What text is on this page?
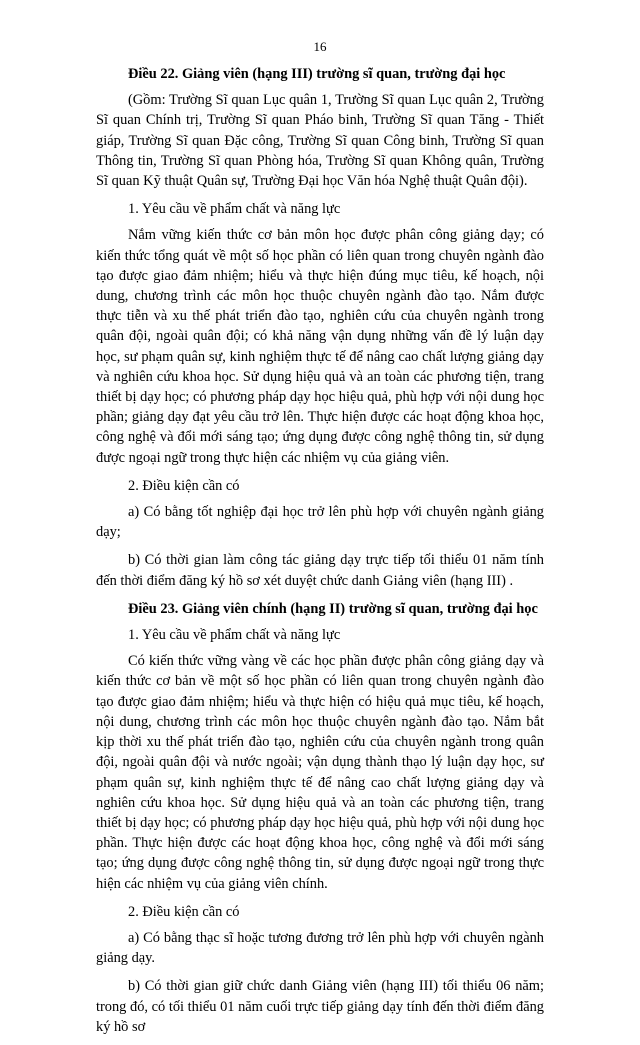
16

Điều 22. Giảng viên (hạng III) trường sĩ quan, trường đại học

(Gồm: Trường Sĩ quan Lục quân 1, Trường Sĩ quan Lục quân 2, Trường Sĩ quan Chính trị, Trường Sĩ quan Pháo binh, Trường Sĩ quan Tăng - Thiết giáp, Trường Sĩ quan Đặc công, Trường Sĩ quan Công binh, Trường Sĩ quan Thông tin, Trường Sĩ quan Phòng hóa, Trường Sĩ quan Không quân, Trường Sĩ quan Kỹ thuật Quân sự, Trường Đại học Văn hóa Nghệ thuật Quân đội).

1. Yêu cầu về phẩm chất và năng lực

Nắm vững kiến thức cơ bản môn học được phân công giảng dạy; có kiến thức tổng quát về một số học phần có liên quan trong chuyên ngành đào tạo được giao đảm nhiệm; hiểu và thực hiện đúng mục tiêu, kế hoạch, nội dung, chương trình các môn học thuộc chuyên ngành đào tạo. Nắm được thực tiễn và xu thế phát triển đào tạo, nghiên cứu của chuyên ngành trong quân đội, ngoài quân đội; có khả năng vận dụng những vấn đề lý luận dạy học, sư phạm quân sự, kinh nghiệm thực tế để nâng cao chất lượng giảng dạy và nghiên cứu khoa học. Sử dụng hiệu quả và an toàn các phương tiện, trang thiết bị dạy học; có phương pháp dạy học hiệu quả, phù hợp với nội dung học phần; giảng dạy đạt yêu cầu trở lên. Thực hiện được các hoạt động khoa học, công nghệ và đổi mới sáng tạo; ứng dụng được công nghệ thông tin, sử dụng được ngoại ngữ trong thực hiện các nhiệm vụ của giảng viên.

2. Điều kiện cần có

a) Có bằng tốt nghiệp đại học trở lên phù hợp với chuyên ngành giảng dạy;

b) Có thời gian làm công tác giảng dạy trực tiếp tối thiểu 01 năm tính đến thời điểm đăng ký hồ sơ xét duyệt chức danh Giảng viên (hạng III) .

Điều 23. Giảng viên chính (hạng II) trường sĩ quan, trường đại học

1. Yêu cầu về phẩm chất và năng lực

Có kiến thức vững vàng về các học phần được phân công giảng dạy và kiến thức cơ bản về một số học phần có liên quan trong chuyên ngành đào tạo được giao đảm nhiệm; hiểu và thực hiện có hiệu quả mục tiêu, kế hoạch, nội dung, chương trình các môn học thuộc chuyên ngành đào tạo. Nắm bắt kịp thời xu thế phát triển đào tạo, nghiên cứu của chuyên ngành trong quân đội, ngoài quân đội và nước ngoài; vận dụng thành thạo lý luận dạy học, sư phạm quân sự, kinh nghiệm thực tế để nâng cao chất lượng giảng dạy và nghiên cứu khoa học. Sử dụng hiệu quả và an toàn các phương tiện, trang thiết bị dạy học; có phương pháp dạy học hiệu quả, phù hợp với nội dung học phần. Thực hiện được các hoạt động khoa học, công nghệ và đổi mới sáng tạo; ứng dụng được công nghệ thông tin, sử dụng được ngoại ngữ trong thực hiện các nhiệm vụ của giảng viên chính.

2. Điều kiện cần có

a) Có bằng thạc sĩ hoặc tương đương trở lên phù hợp với chuyên ngành giảng dạy.

b) Có thời gian giữ chức danh Giảng viên (hạng III) tối thiểu 06 năm; trong đó, có tối thiểu 01 năm cuối trực tiếp giảng dạy tính đến thời điểm đăng ký hồ sơ
